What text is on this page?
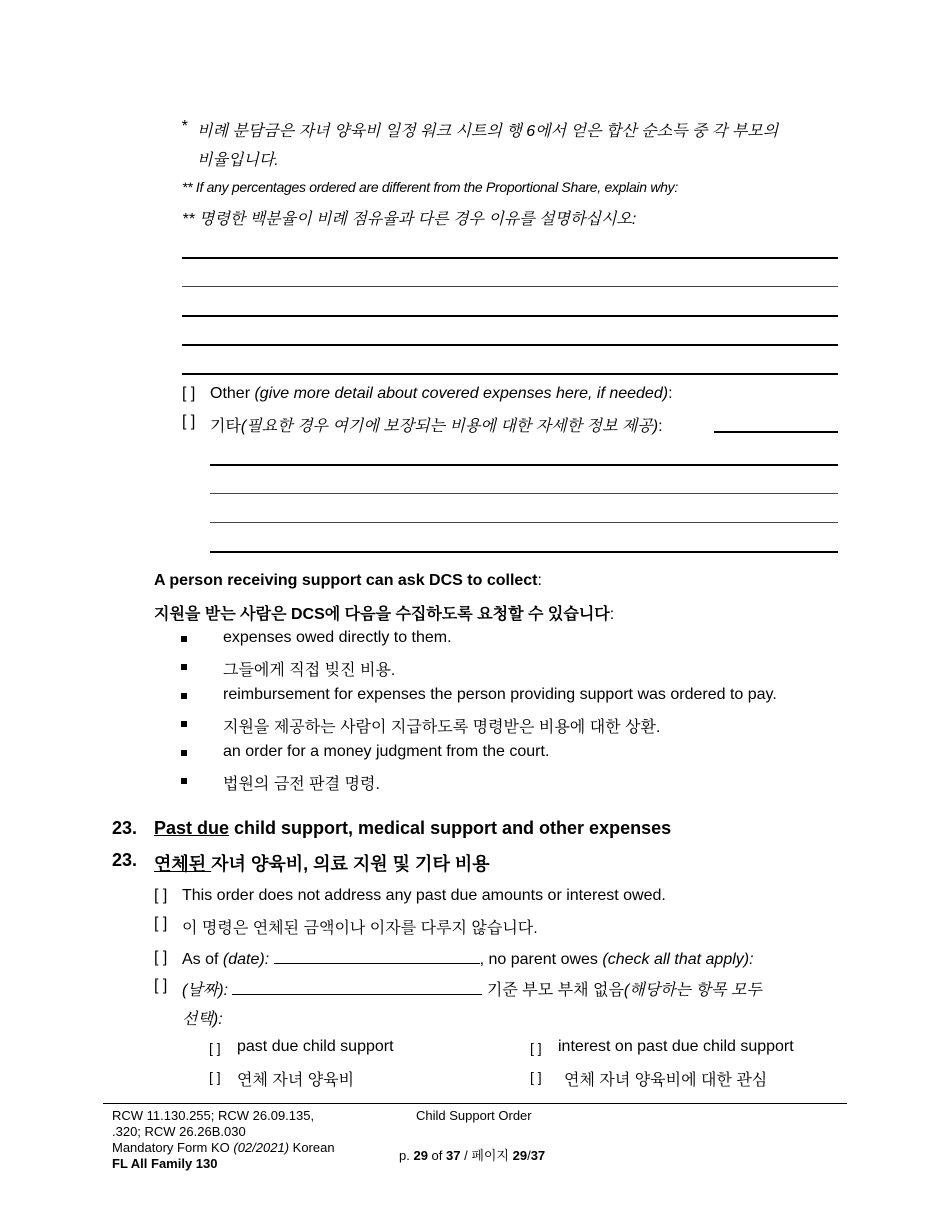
* 비례 분담금은 자녀 양육비 일정 워크 시트의 행 6에서 얻은 합산 순소득 중 각 부모의
비율입니다.
** If any percentages ordered are different from the Proportional Share, explain why:
** 명령한 백분율이 비례 점유율과 다른 경우 이유를 설명하십시오:
[ ] Other (give more detail about covered expenses here, if needed):
[ ] 기타(필요한 경우 여기에 보장되는 비용에 대한 자세한 정보 제공):
A person receiving support can ask DCS to collect:
지원을 받는 사람은 DCS에 다음을 수집하도록 요청할 수 있습니다:
expenses owed directly to them.
그들에게 직접 빚진 비용.
reimbursement for expenses the person providing support was ordered to pay.
지원을 제공하는 사람이 지급하도록 명령받은 비용에 대한 상환.
an order for a money judgment from the court.
법원의 금전 판결 명령.
23. Past due child support, medical support and other expenses
23. 연체된 자녀 양육비, 의료 지원 및 기타 비용
[ ] This order does not address any past due amounts or interest owed.
[ ] 이 명령은 연체된 금액이나 이자를 다루지 않습니다.
[ ] As of (date):	, no parent owes (check all that apply):
[ ] (날짜):	기준 부모 부채 없음(해당하는 항목 모두
선택):
[ ] past due child support
[ ] 연체 자녀 양육비
[ ] interest on past due child support
[ ] 연체 자녀 양육비에 대한 관심
RCW 11.130.255; RCW 26.09.135,
.320; RCW 26.26B.030
Mandatory Form KO (02/2021) Korean
FL All Family 130
Child Support Order
p. 29 of 37 / 페이지 29/37
